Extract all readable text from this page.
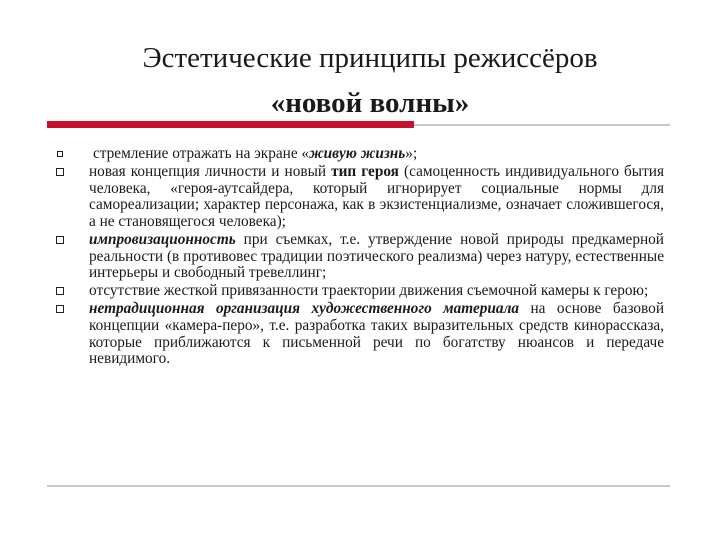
Эстетические принципы режиссёров
«новой волны»
стремление отражать на экране «живую жизнь»;
новая концепция личности и новый тип героя (самоценность индивидуального бытия человека, «героя-аутсайдера, который игнорирует социальные нормы для самореализации; характер персонажа, как в экзистенциализме, означает сложившегося, а не становящегося человека);
импровизационность при съемках, т.е. утверждение новой природы предкамерной реальности (в противовес традиции поэтического реализма) через натуру, естественные интерьеры и свободный тревеллинг;
отсутствие жесткой привязанности траектории движения съемочной камеры к герою;
нетрадиционная организация художественного материала на основе базовой концепции «камера-перо», т.е. разработка таких выразительных средств кинорассказа, которые приближаются к письменной речи по богатству нюансов и передаче невидимого.
